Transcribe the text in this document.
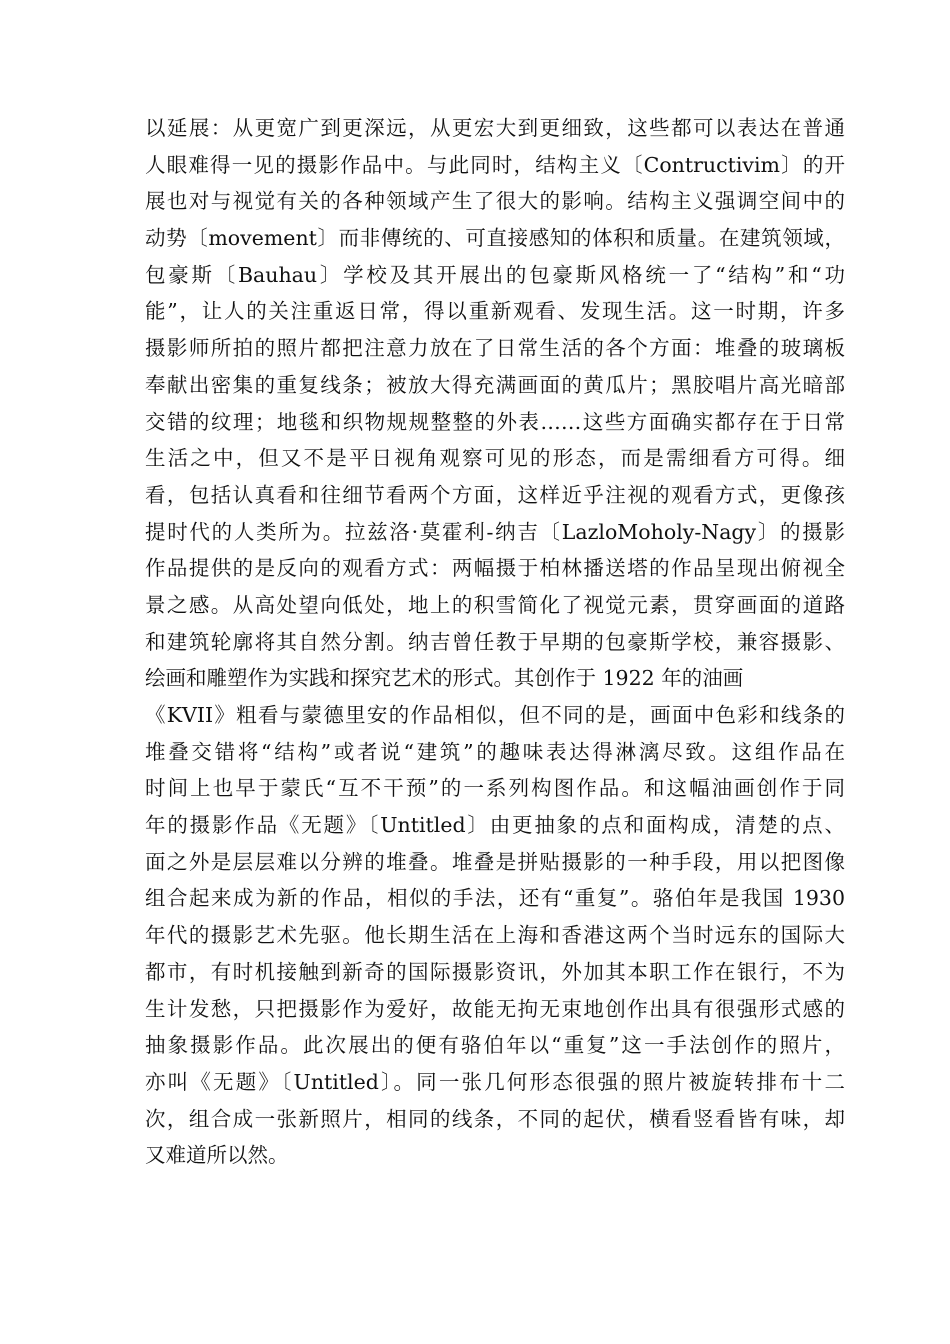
以延展：从更宽广到更深远，从更宏大到更细致，这些都可以表达在普通
人眼难得一见的摄影作品中。与此同时，结构主义〔Contructivim〕的开
展也对与视觉有关的各种领域产生了很大的影响。结构主义强调空间中的
动势〔movement〕而非傳统的、可直接感知的体积和质量。在建筑领域，
包豪斯〔Bauhau〕学校及其开展出的包豪斯风格统一了“结构”和“功
能”，让人的关注重返日常，得以重新观看、发现生活。这一时期，许多
摄影师所拍的照片都把注意力放在了日常生活的各个方面：堆叠的玻璃板
奉献出密集的重复线条；被放大得充满画面的黄瓜片；黑胶唱片高光暗部
交错的纹理；地毯和织物规规整整的外表……这些方面确实都存在于日常
生活之中，但又不是平日视角观察可见的形态，而是需细看方可得。细
看，包括认真看和往细节看两个方面，这样近乎注视的观看方式，更像孩
提时代的人类所为。拉兹洛·莫霍利-纳吉〔LazloMoholy-Nagy〕的摄影
作品提供的是反向的观看方式：两幅摄于柏林播送塔的作品呈现出俯视全
景之感。从高处望向低处，地上的积雪简化了视觉元素，贯穿画面的道路
和建筑轮廓将其自然分割。纳吉曾任教于早期的包豪斯学校，兼容摄影、
绘画和雕塑作为实践和探究艺术的形式。其创作于 1922 年的油画
《KVII》粗看与蒙德里安的作品相似，但不同的是，画面中色彩和线条的
堆叠交错将“结构”或者说“建筑”的趣味表达得淋漓尽致。这组作品在
时间上也早于蒙氏“互不干预”的一系列构图作品。和这幅油画创作于同
年的摄影作品《无题》〔Untitled〕由更抽象的点和面构成，清楚的点、
面之外是层层难以分辨的堆叠。堆叠是拼贴摄影的一种手段，用以把图像
组合起来成为新的作品，相似的手法，还有“重复”。骆伯年是我国 1930
年代的摄影艺术先驱。他长期生活在上海和香港这两个当时远东的国际大
都市，有时机接触到新奇的国际摄影资讯，外加其本职工作在银行，不为
生计发愁，只把摄影作为爱好，故能无拘无束地创作出具有很强形式感的
抽象摄影作品。此次展出的便有骆伯年以“重复”这一手法创作的照片，
亦叫《无题》〔Untitled〕。同一张几何形态很强的照片被旋转排布十二
次，组合成一张新照片，相同的线条，不同的起伏，横看竖看皆有味，却
又难道所以然。
